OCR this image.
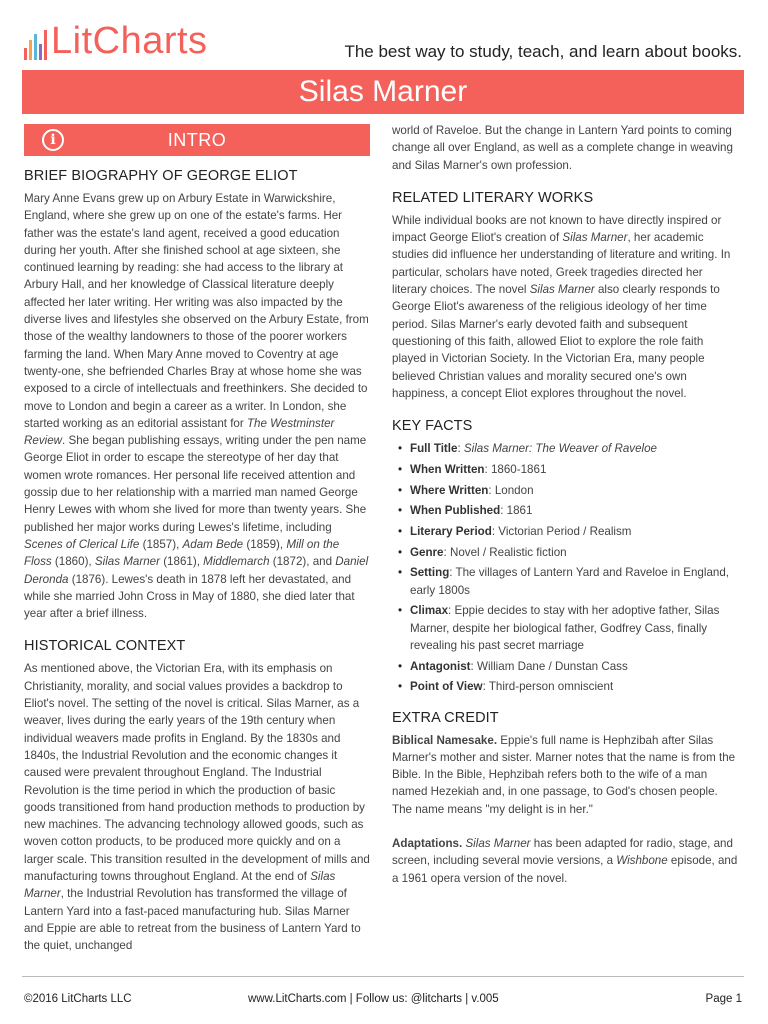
LitCharts	The best way to study, teach, and learn about books.
Silas Marner
i	INTRO
BRIEF BIOGRAPHY OF GEORGE ELIOT

Mary Anne Evans grew up on Arbury Estate in Warwickshire, England, where she grew up on one of the estate's farms. Her father was the estate's land agent, received a good education during her youth. After she finished school at age sixteen, she continued learning by reading: she had access to the library at Arbury Hall, and her knowledge of Classical literature deeply affected her later writing. Her writing was also impacted by the diverse lives and lifestyles she observed on the Arbury Estate, from those of the wealthy landowners to those of the poorer workers farming the land. When Mary Anne moved to Coventry at age twenty-one, she befriended Charles Bray at whose home she was exposed to a circle of intellectuals and freethinkers. She decided to move to London and begin a career as a writer. In London, she started working as an editorial assistant for The Westminster Review. She began publishing essays, writing under the pen name George Eliot in order to escape the stereotype of her day that women wrote romances. Her personal life received attention and gossip due to her relationship with a married man named George Henry Lewes with whom she lived for more than twenty years. She published her major works during Lewes's lifetime, including Scenes of Clerical Life (1857), Adam Bede (1859), Mill on the Floss (1860), Silas Marner (1861), Middlemarch (1872), and Daniel Deronda (1876). Lewes's death in 1878 left her devastated, and while she married John Cross in May of 1880, she died later that year after a brief illness.

HISTORICAL CONTEXT

As mentioned above, the Victorian Era, with its emphasis on Christianity, morality, and social values provides a backdrop to Eliot's novel. The setting of the novel is critical. Silas Marner, as a weaver, lives during the early years of the 19th century when individual weavers made profits in England. By the 1830s and 1840s, the Industrial Revolution and the economic changes it caused were prevalent throughout England. The Industrial Revolution is the time period in which the production of basic goods transitioned from hand production methods to production by new machines. The advancing technology allowed goods, such as woven cotton products, to be produced more quickly and on a larger scale. This transition resulted in the development of mills and manufacturing towns throughout England. At the end of Silas Marner, the Industrial Revolution has transformed the village of Lantern Yard into a fast-paced manufacturing hub. Silas Marner and Eppie are able to retreat from the business of Lantern Yard to the quiet, unchanged

world of Raveloe. But the change in Lantern Yard points to coming change all over England, as well as a complete change in weaving and Silas Marner's own profession.

RELATED LITERARY WORKS

While individual books are not known to have directly inspired or impact George Eliot's creation of Silas Marner, her academic studies did influence her understanding of literature and writing. In particular, scholars have noted, Greek tragedies directed her literary choices. The novel Silas Marner also clearly responds to George Eliot's awareness of the religious ideology of her time period. Silas Marner's early devoted faith and subsequent questioning of this faith, allowed Eliot to explore the role faith played in Victorian Society. In the Victorian Era, many people believed Christian values and morality secured one's own happiness, a concept Eliot explores throughout the novel.

KEY FACTS
• Full Title: Silas Marner: The Weaver of Raveloe
• When Written: 1860-1861
• Where Written: London
• When Published: 1861
• Literary Period: Victorian Period / Realism
• Genre: Novel / Realistic fiction
• Setting: The villages of Lantern Yard and Raveloe in England, early 1800s
• Climax: Eppie decides to stay with her adoptive father, Silas Marner, despite her biological father, Godfrey Cass, finally revealing his past secret marriage
• Antagonist: William Dane / Dunstan Cass
• Point of View: Third-person omniscient
EXTRA CREDIT

Biblical Namesake. Eppie's full name is Hephzibah after Silas Marner's mother and sister. Marner notes that the name is from the Bible. In the Bible, Hephzibah refers both to the wife of a man named Hezekiah and, in one passage, to God's chosen people. The name means "my delight is in her."

Adaptations. Silas Marner has been adapted for radio, stage, and screen, including several movie versions, a Wishbone episode, and a 1961 opera version of the novel.

©2016 LitCharts LLC	www.LitCharts.com | Follow us: @litcharts | v.005	Page 1
